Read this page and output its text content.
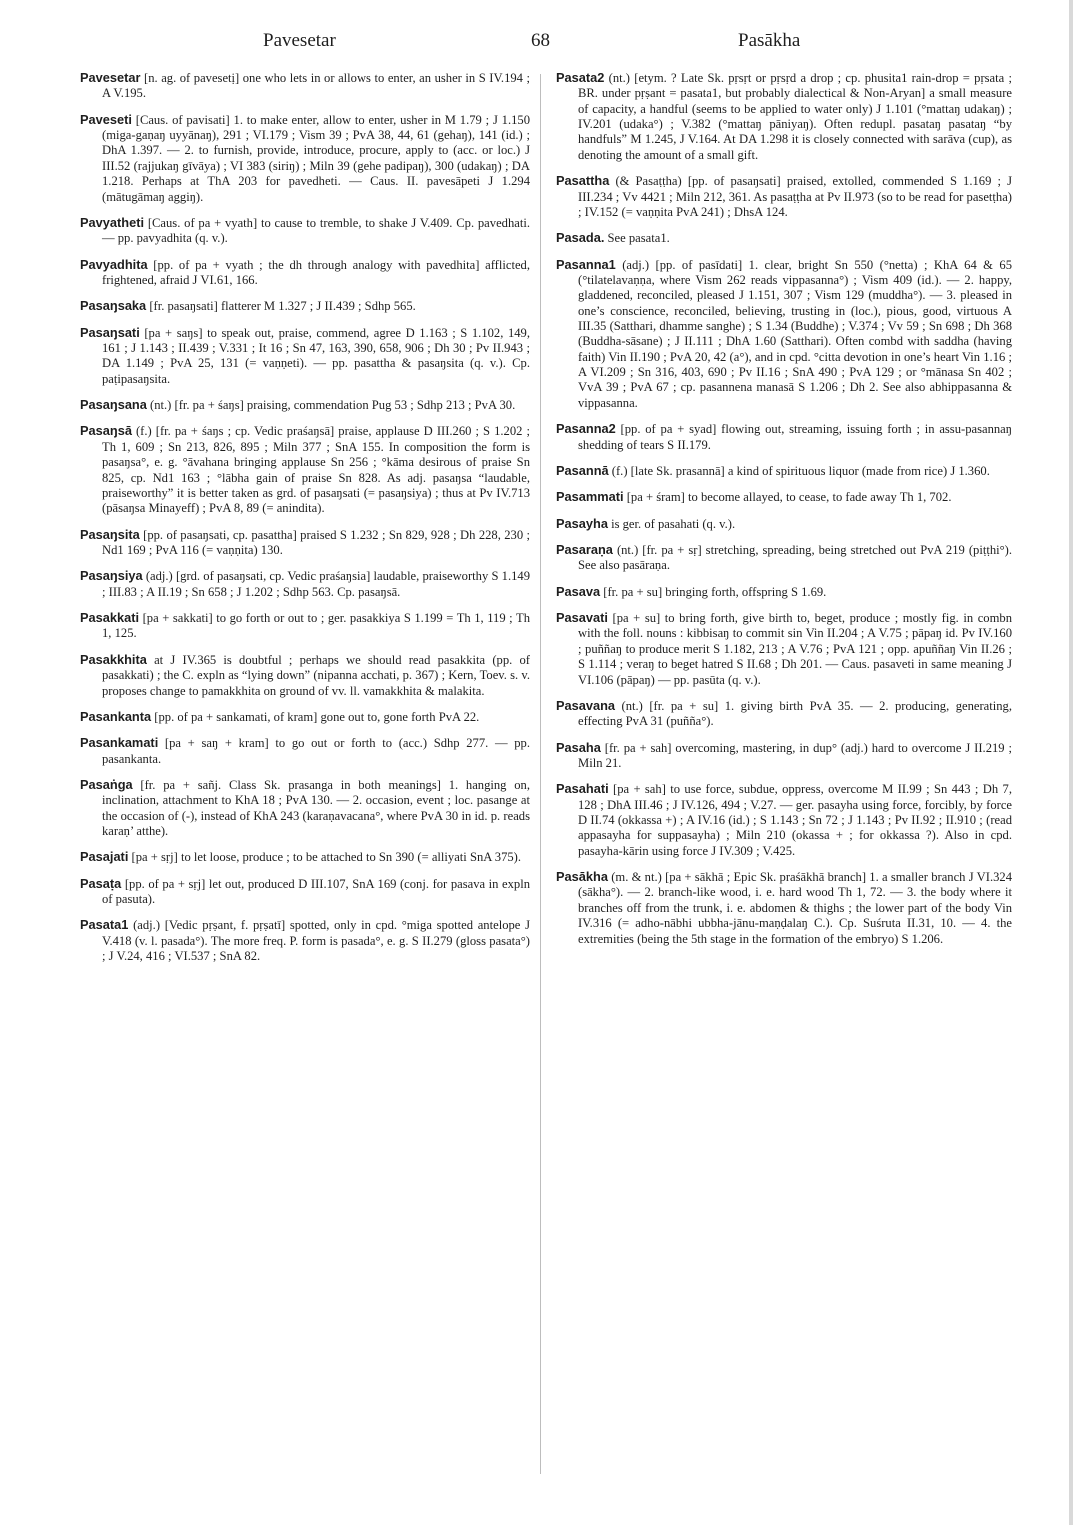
Pavesetar	68	Pasākha

Pavesetar [n. ag. of pavesetị] one who lets in or allows to enter, an usher in S IV.194 ; A V.195.

Paveseti [Caus. of pavisati] 1. to make enter, allow to enter, usher in M 1.79 ; J 1.150 (miga-gaṇaŋ uyyānaŋ), 291 ; VI.179 ; Vism 39 ; PvA 38, 44, 61 (gehaŋ), 141 (id.) ; DhA 1.397. — 2. to furnish, provide, introduce, procure, apply to (acc. or loc.) J III.52 (rajjukaŋ gīvāya) ; VI 383 (siriŋ) ; Miln 39 (gehe padipaŋ), 300 (udakaŋ) ; DA 1.218. Perhaps at ThA 203 for pavedheti. — Caus. II. pavesāpeti J 1.294 (mātugāmaŋ aggiŋ).

Pavyatheti [Caus. of pa + vyath] to cause to tremble, to shake J V.409. Cp. pavedhati. — pp. pavyadhita (q. v.).

Pavyadhita [pp. of pa + vyath ; the dh through analogy with pavedhita] afflicted, frightened, afraid J VI.61, 166.

Pasaŋsaka [fr. pasaŋsati] flatterer M 1.327 ; J II.439 ; Sdhp 565.

Pasaŋsati [pa + saŋs] to speak out, praise, commend, agree D 1.163 ; S 1.102, 149, 161 ; J 1.143 ; II.439 ; V.331 ; It 16 ; Sn 47, 163, 390, 658, 906 ; Dh 30 ; Pv II.943 ; DA 1.149 ; PvA 25, 131 (= vaṇṇeti). — pp. pasattha & pasaŋsita (q. v.). Cp. paṭipasaŋsita.

Pasaŋsana (nt.) [fr. pa + śaŋs] praising, commendation Pug 53 ; Sdhp 213 ; PvA 30.

Pasaŋsā (f.) [fr. pa + śaŋs ; cp. Vedic praśaŋsā] praise, applause D III.260 ; S 1.202 ; Th 1, 609 ; Sn 213, 826, 895 ; Miln 377 ; SnA 155. In composition the form is pasaŋsa°, e. g. °āvahana bringing applause Sn 256 ; °kāma desirous of praise Sn 825, cp. Nd1 163 ; °lābha gain of praise Sn 828. As adj. pasaŋsa “laudable, praiseworthy” it is better taken as grd. of pasaŋsati (= pasaŋsiya) ; thus at Pv IV.713 (pāsaŋsa Minayeff) ; PvA 8, 89 (= anindita).

Pasaŋsita [pp. of pasaŋsati, cp. pasattha] praised S 1.232 ; Sn 829, 928 ; Dh 228, 230 ; Nd1 169 ; PvA 116 (= vaṇṇita) 130.

Pasaŋsiya (adj.) [grd. of pasaŋsati, cp. Vedic praśaŋsia] laudable, praiseworthy S 1.149 ; III.83 ; A II.19 ; Sn 658 ; J 1.202 ; Sdhp 563. Cp. pasaŋsā.

Pasakkati [pa + sakkati] to go forth or out to ; ger. pasakkiya S 1.199 = Th 1, 119 ; Th 1, 125.

Pasakkhita at J IV.365 is doubtful ; perhaps we should read pasakkita (pp. of pasakkati) ; the C. expln as “lying down” (nipanna acchati, p. 367) ; Kern, Toev. s. v. proposes change to pamakkhita on ground of vv. ll. vamakkhita & malakita.

Pasankanta [pp. of pa + sankamati, of kram] gone out to, gone forth PvA 22.

Pasankamati [pa + saŋ + kram] to go out or forth to (acc.) Sdhp 277. — pp. pasankanta.

Pasaṅga [fr. pa + sañj. Class Sk. prasanga in both meanings] 1. hanging on, inclination, attachment to KhA 18 ; PvA 130. — 2. occasion, event ; loc. pasange at the occasion of (-), instead of KhA 243 (karaṇavacana°, where PvA 30 in id. p. reads karaṇ’ atthe).

Pasajati [pa + sṛj] to let loose, produce ; to be attached to Sn 390 (= alliyati SnA 375).

Pasaṭa [pp. of pa + sṛj] let out, produced D III.107, SnA 169 (conj. for pasava in expln of pasuta).

Pasata1 (adj.) [Vedic pṛṣant, f. pṛṣatī] spotted, only in cpd. °miga spotted antelope J V.418 (v. l. pasada°). The more freq. P. form is pasada°, e. g. S II.279 (gloss pasata°) ; J V.24, 416 ; VI.537 ; SnA 82.

Pasata2 (nt.) [etym. ? Late Sk. pṛsṛt or pṛsṛd a drop ; cp. phusita1 rain-drop = pṛsata ; BR. under pṛṣant = pasata1, but probably dialectical & Non-Aryan] a small measure of capacity, a handful (seems to be applied to water only) J 1.101 (°mattaŋ udakaŋ) ; IV.201 (udaka°) ; V.382 (°mattaŋ pāniyaŋ). Often redupl. pasataŋ pasataŋ “by handfuls” M 1.245, J V.164. At DA 1.298 it is closely connected with sarāva (cup), as denoting the amount of a small gift.

Pasattha (& Pasaṭṭha) [pp. of pasaŋsati] praised, extolled, commended S 1.169 ; J III.234 ; Vv 4421 ; Miln 212, 361. As pasaṭṭha at Pv II.973 (so to be read for pasetṭha) ; IV.152 (= vaṇṇita PvA 241) ; DhsA 124.

Pasada. See pasata1.

Pasanna1 (adj.) [pp. of pasīdati] 1. clear, bright Sn 550 (°netta) ; KhA 64 & 65 (°tilatelavaṇṇa, where Vism 262 reads vippasanna°) ; Vism 409 (id.). — 2. happy, gladdened, reconciled, pleased J 1.151, 307 ; Vism 129 (muddha°). — 3. pleased in one’s conscience, reconciled, believing, trusting in (loc.), pious, good, virtuous A III.35 (Satthari, dhamme sanghe) ; S 1.34 (Buddhe) ; V.374 ; Vv 59 ; Sn 698 ; Dh 368 (Buddha-sāsane) ; J II.111 ; DhA 1.60 (Satthari). Often combd with saddha (having faith) Vin II.190 ; PvA 20, 42 (a°), and in cpd. °citta devotion in one’s heart Vin 1.16 ; A VI.209 ; Sn 316, 403, 690 ; Pv II.16 ; SnA 490 ; PvA 129 ; or °mānasa Sn 402 ; VvA 39 ; PvA 67 ; cp. pasannena manasā S 1.206 ; Dh 2. See also abhippasanna & vippasanna.

Pasanna2 [pp. of pa + syad] flowing out, streaming, issuing forth ; in assu-pasannaŋ shedding of tears S II.179.

Pasannā (f.) [late Sk. prasannā] a kind of spirituous liquor (made from rice) J 1.360.

Pasammati [pa + śram] to become allayed, to cease, to fade away Th 1, 702.

Pasayha is ger. of pasahati (q. v.).

Pasaraṇa (nt.) [fr. pa + sṛ] stretching, spreading, being stretched out PvA 219 (piṭṭhi°). See also pasāraṇa.

Pasava [fr. pa + su] bringing forth, offspring S 1.69.

Pasavati [pa + su] to bring forth, give birth to, beget, produce ; mostly fig. in combn with the foll. nouns : kibbisaŋ to commit sin Vin II.204 ; A V.75 ; pāpaŋ id. Pv IV.160 ; puññaŋ to produce merit S 1.182, 213 ; A V.76 ; PvA 121 ; opp. apuññaŋ Vin II.26 ; S 1.114 ; veraŋ to beget hatred S II.68 ; Dh 201. — Caus. pasaveti in same meaning J VI.106 (pāpaŋ) — pp. pasūta (q. v.).

Pasavana (nt.) [fr. pa + su] 1. giving birth PvA 35. — 2. producing, generating, effecting PvA 31 (puñña°).

Pasaha [fr. pa + sah] overcoming, mastering, in dup° (adj.) hard to overcome J II.219 ; Miln 21.

Pasahati [pa + sah] to use force, subdue, oppress, overcome M II.99 ; Sn 443 ; Dh 7, 128 ; DhA III.46 ; J IV.126, 494 ; V.27. — ger. pasayha using force, forcibly, by force D II.74 (okkassa +) ; A IV.16 (id.) ; S 1.143 ; Sn 72 ; J 1.143 ; Pv II.92 ; II.910 ; (read appasayha for suppasayha) ; Miln 210 (okassa + ; for okkassa ?). Also in cpd. pasayha-kārin using force J IV.309 ; V.425.

Pasākha (m. & nt.) [pa + sākhā ; Epic Sk. praśākhā branch] 1. a smaller branch J VI.324 (sākha°). — 2. branch-like wood, i. e. hard wood Th 1, 72. — 3. the body where it branches off from the trunk, i. e. abdomen & thighs ; the lower part of the body Vin IV.316 (= adho-nābhi ubbha-jānu-maṇḍalaŋ C.). Cp. Suśruta II.31, 10. — 4. the extremities (being the 5th stage in the formation of the embryo) S 1.206.
